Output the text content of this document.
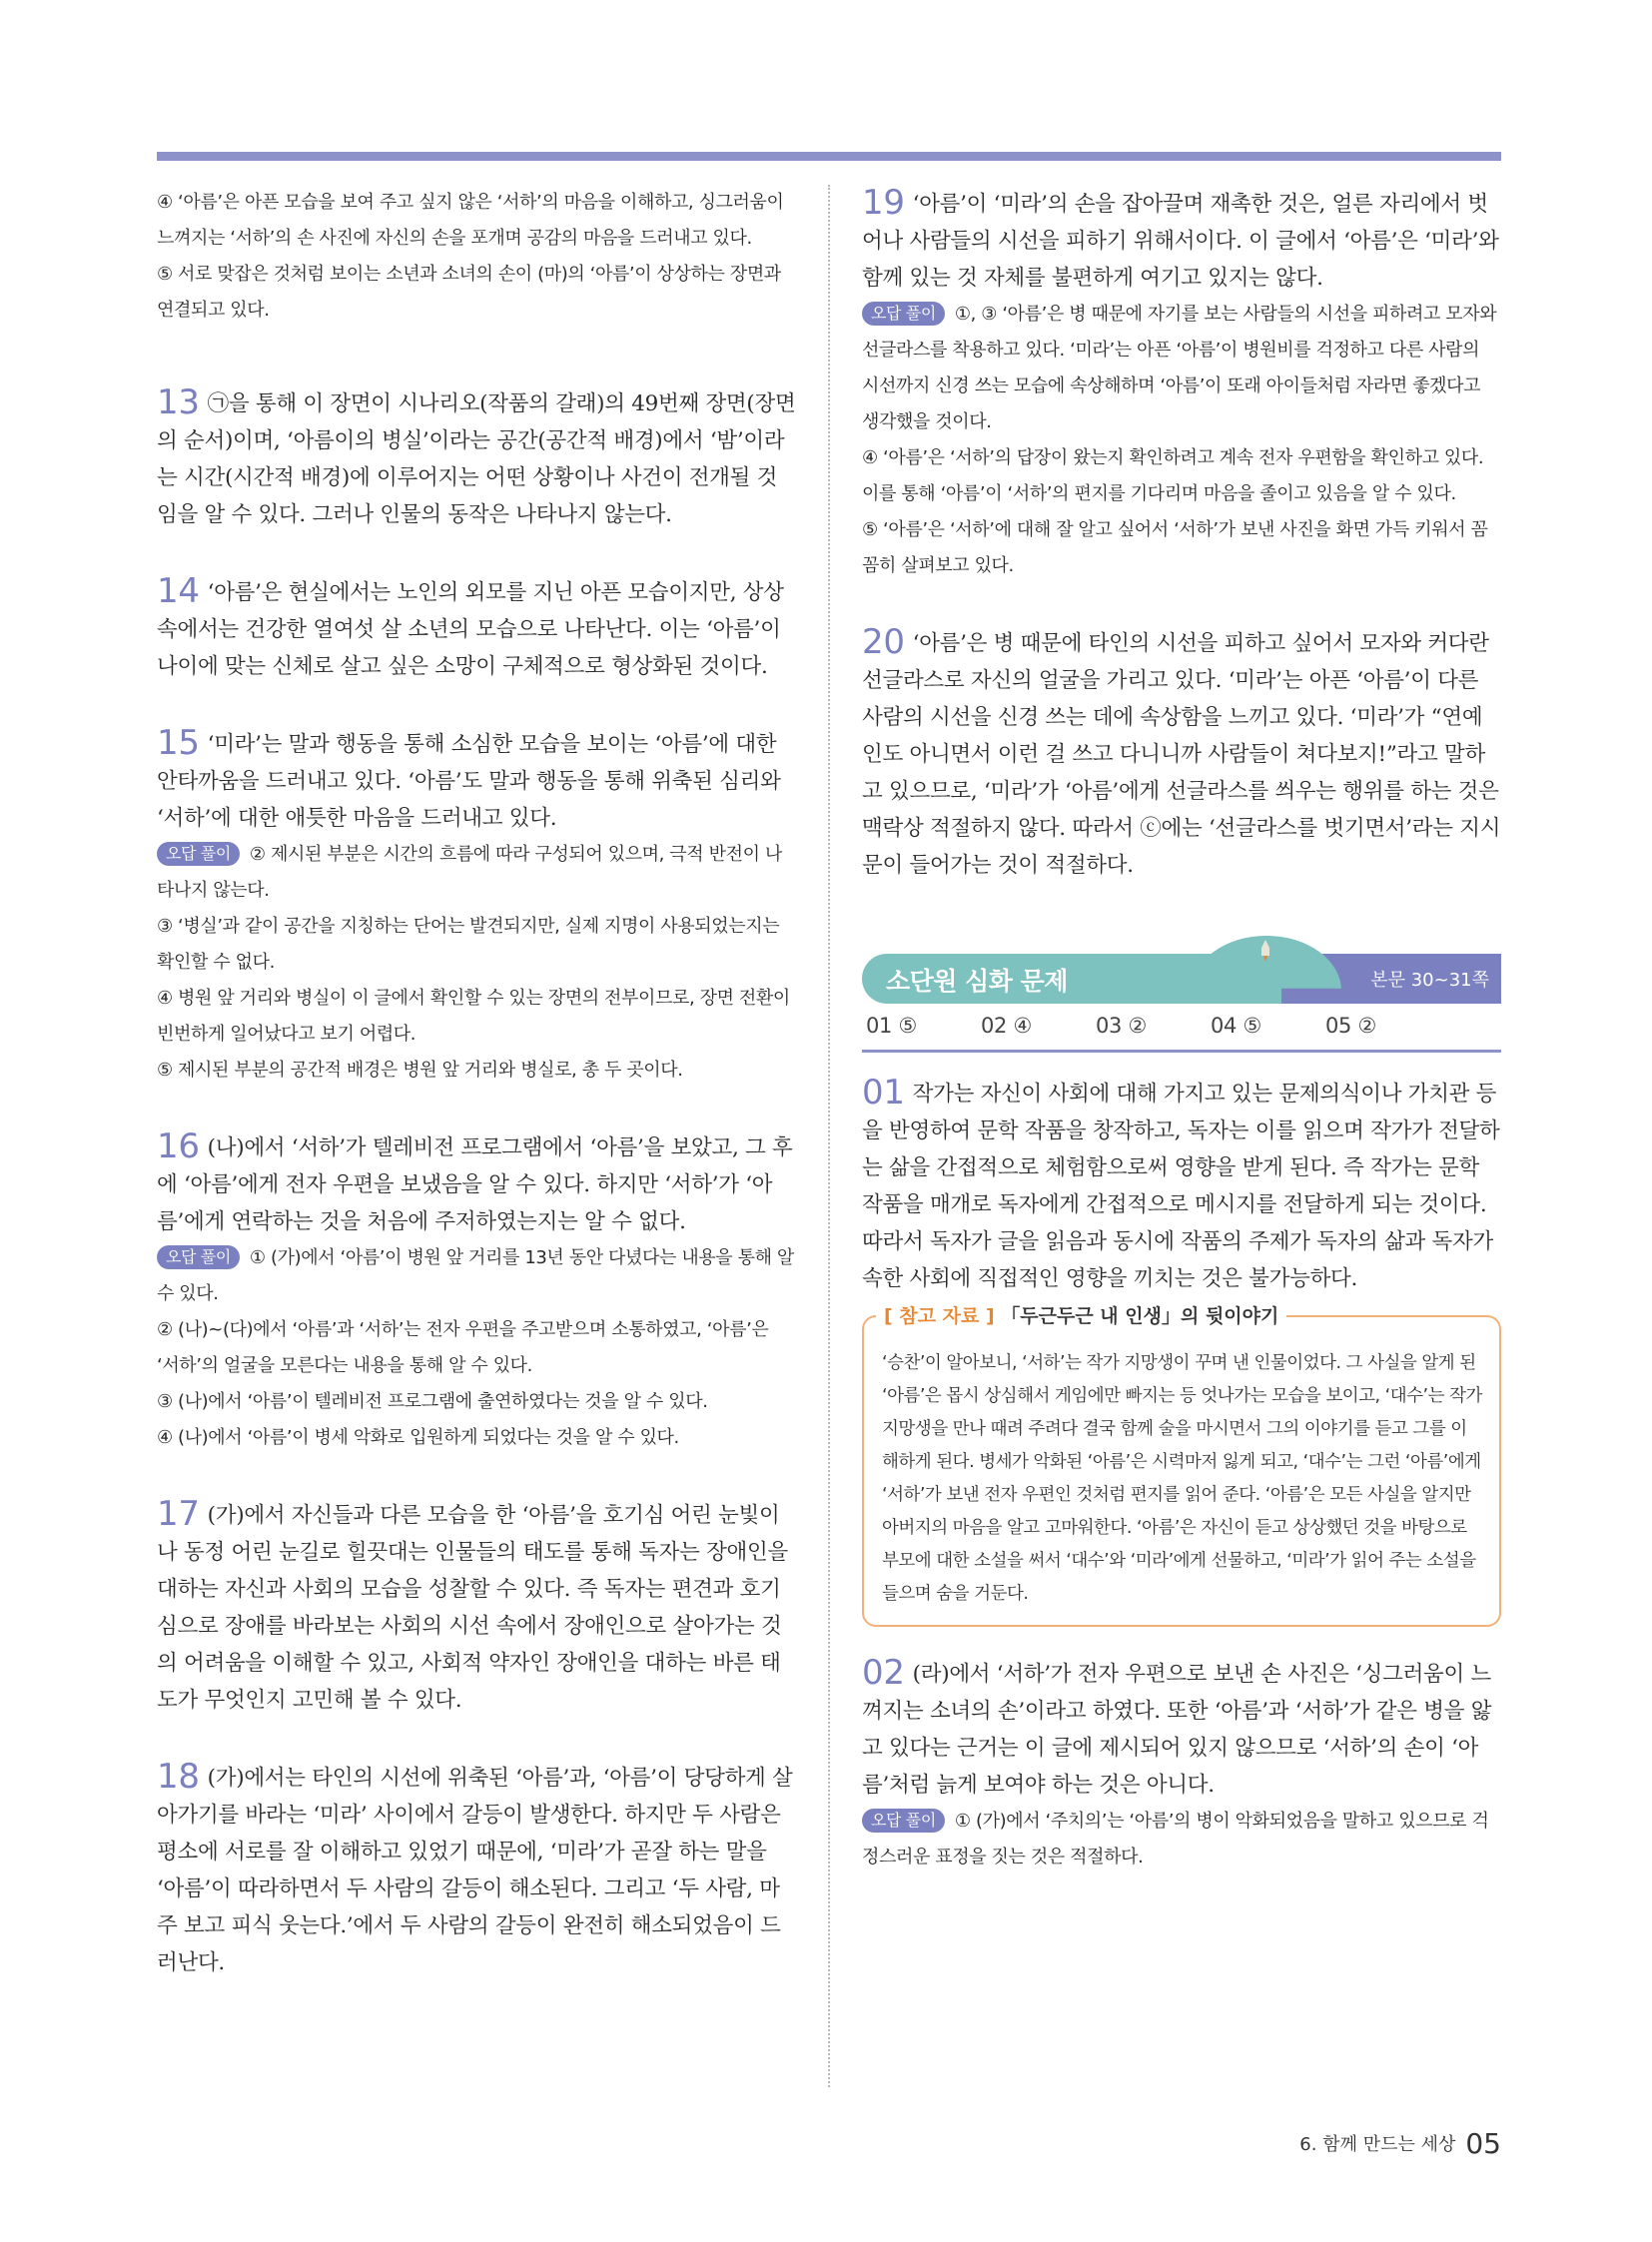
④ ‘아름’은 아픈 모습을 보여 주고 싶지 않은 ‘서하’의 마음을 이해하고, 싱그러움이 느껴지는 ‘서하’의 손 사진에 자신의 손을 포개며 공감의 마음을 드러내고 있다.

⑤ 서로 맞잡은 것처럼 보이는 소년과 소녀의 손이 (마)의 ‘아름’이 상상하는 장면과 연결되고 있다.

13 ㉠을 통해 이 장면이 시나리오(작품의 갈래)의 49번째 장면(장면의 순서)이며, ‘아름이의 병실’이라는 공간(공간적 배경)에서 ‘밤’이라는 시간(시간적 배경)에 이루어지는 어떤 상황이나 사건이 전개될 것임을 알 수 있다. 그러나 인물의 동작은 나타나지 않는다.

14 ‘아름’은 현실에서는 노인의 외모를 지닌 아픈 모습이지만, 상상 속에서는 건강한 열여섯 살 소년의 모습으로 나타난다. 이는 ‘아름’이 나이에 맞는 신체로 살고 싶은 소망이 구체적으로 형상화된 것이다.

15 ‘미라’는 말과 행동을 통해 소심한 모습을 보이는 ‘아름’에 대한 안타까움을 드러내고 있다. ‘아름’도 말과 행동을 통해 위축된 심리와 ‘서하’에 대한 애틋한 마음을 드러내고 있다.

오답 풀이 ② 제시된 부분은 시간의 흐름에 따라 구성되어 있으며, 극적 반전이 나타나지 않는다.

③ ‘병실’과 같이 공간을 지칭하는 단어는 발견되지만, 실제 지명이 사용되었는지는 확인할 수 없다.

④ 병원 앞 거리와 병실이 이 글에서 확인할 수 있는 장면의 전부이므로, 장면 전환이 빈번하게 일어났다고 보기 어렵다.

⑤ 제시된 부분의 공간적 배경은 병원 앞 거리와 병실로, 총 두 곳이다.

16 (나)에서 ‘서하’가 텔레비전 프로그램에서 ‘아름’을 보았고, 그 후에 ‘아름’에게 전자 우편을 보냈음을 알 수 있다. 하지만 ‘서하’가 ‘아름’에게 연락하는 것을 처음에 주저하였는지는 알 수 없다.

오답 풀이 ① (가)에서 ‘아름’이 병원 앞 거리를 13년 동안 다녔다는 내용을 통해 알 수 있다.

② (나)~(다)에서 ‘아름’과 ‘서하’는 전자 우편을 주고받으며 소통하였고, ‘아름’은 ‘서하’의 얼굴을 모른다는 내용을 통해 알 수 있다.

③ (나)에서 ‘아름’이 텔레비전 프로그램에 출연하였다는 것을 알 수 있다.

④ (나)에서 ‘아름’이 병세 악화로 입원하게 되었다는 것을 알 수 있다.

17 (가)에서 자신들과 다른 모습을 한 ‘아름’을 호기심 어린 눈빛이나 동정 어린 눈길로 힐끗대는 인물들의 태도를 통해 독자는 장애인을 대하는 자신과 사회의 모습을 성찰할 수 있다. 즉 독자는 편견과 호기심으로 장애를 바라보는 사회의 시선 속에서 장애인으로 살아가는 것의 어려움을 이해할 수 있고, 사회적 약자인 장애인을 대하는 바른 태도가 무엇인지 고민해 볼 수 있다.

18 (가)에서는 타인의 시선에 위축된 ‘아름’과, ‘아름’이 당당하게 살아가기를 바라는 ‘미라’ 사이에서 갈등이 발생한다. 하지만 두 사람은 평소에 서로를 잘 이해하고 있었기 때문에, ‘미라’가 곧잘 하는 말을 ‘아름’이 따라하면서 두 사람의 갈등이 해소된다. 그리고 ‘두 사람, 마주 보고 피식 웃는다.’에서 두 사람의 갈등이 완전히 해소되었음이 드러난다.

19 ‘아름’이 ‘미라’의 손을 잡아끌며 재촉한 것은, 얼른 자리에서 벗어나 사람들의 시선을 피하기 위해서이다. 이 글에서 ‘아름’은 ‘미라’와 함께 있는 것 자체를 불편하게 여기고 있지는 않다.

오답 풀이 ①, ③ ‘아름’은 병 때문에 자기를 보는 사람들의 시선을 피하려고 모자와 선글라스를 착용하고 있다. ‘미라’는 아픈 ‘아름’이 병원비를 걱정하고 다른 사람의 시선까지 신경 쓰는 모습에 속상해하며 ‘아름’이 또래 아이들처럼 자라면 좋겠다고 생각했을 것이다.

④ ‘아름’은 ‘서하’의 답장이 왔는지 확인하려고 계속 전자 우편함을 확인하고 있다. 이를 통해 ‘아름’이 ‘서하’의 편지를 기다리며 마음을 졸이고 있음을 알 수 있다.

⑤ ‘아름’은 ‘서하’에 대해 잘 알고 싶어서 ‘서하’가 보낸 사진을 화면 가득 키워서 꼼꼼히 살펴보고 있다.

20 ‘아름’은 병 때문에 타인의 시선을 피하고 싶어서 모자와 커다란 선글라스로 자신의 얼굴을 가리고 있다. ‘미라’는 아픈 ‘아름’이 다른 사람의 시선을 신경 쓰는 데에 속상함을 느끼고 있다. ‘미라’가 “연예인도 아니면서 이런 걸 쓰고 다니니까 사람들이 쳐다보지!”라고 말하고 있으므로, ‘미라’가 ‘아름’에게 선글라스를 씌우는 행위를 하는 것은 맥락상 적절하지 않다. 따라서 ⓒ에는 ‘선글라스를 벗기면서’라는 지시문이 들어가는 것이 적절하다.

소단원 심화 문제	본문 30~31쪽
01 ⑤	02 ④	03 ②	04 ⑤	05 ②

01 작가는 자신이 사회에 대해 가지고 있는 문제의식이나 가치관 등을 반영하여 문학 작품을 창작하고, 독자는 이를 읽으며 작가가 전달하는 삶을 간접적으로 체험함으로써 영향을 받게 된다. 즉 작가는 문학 작품을 매개로 독자에게 간접적으로 메시지를 전달하게 되는 것이다. 따라서 독자가 글을 읽음과 동시에 작품의 주제가 독자의 삶과 독자가 속한 사회에 직접적인 영향을 끼치는 것은 불가능하다.

[ 참고 자료 ] 「두근두근 내 인생」의 뒷이야기

‘승찬’이 알아보니, ‘서하’는 작가 지망생이 꾸며 낸 인물이었다. 그 사실을 알게 된 ‘아름’은 몹시 상심해서 게임에만 빠지는 등 엇나가는 모습을 보이고, ‘대수’는 작가 지망생을 만나 때려 주려다 결국 함께 술을 마시면서 그의 이야기를 듣고 그를 이해하게 된다. 병세가 악화된 ‘아름’은 시력마저 잃게 되고, ‘대수’는 그런 ‘아름’에게 ‘서하’가 보낸 전자 우편인 것처럼 편지를 읽어 준다. ‘아름’은 모든 사실을 알지만 아버지의 마음을 알고 고마워한다. ‘아름’은 자신이 듣고 상상했던 것을 바탕으로 부모에 대한 소설을 써서 ‘대수’와 ‘미라’에게 선물하고, ‘미라’가 읽어 주는 소설을 들으며 숨을 거둔다.

02 (라)에서 ‘서하’가 전자 우편으로 보낸 손 사진은 ‘싱그러움이 느껴지는 소녀의 손’이라고 하였다. 또한 ‘아름’과 ‘서하’가 같은 병을 앓고 있다는 근거는 이 글에 제시되어 있지 않으므로 ‘서하’의 손이 ‘아름’처럼 늙게 보여야 하는 것은 아니다.

오답 풀이 ① (가)에서 ‘주치의’는 ‘아름’의 병이 악화되었음을 말하고 있으므로 걱정스러운 표정을 짓는 것은 적절하다.

6. 함께 만드는 세상 05
